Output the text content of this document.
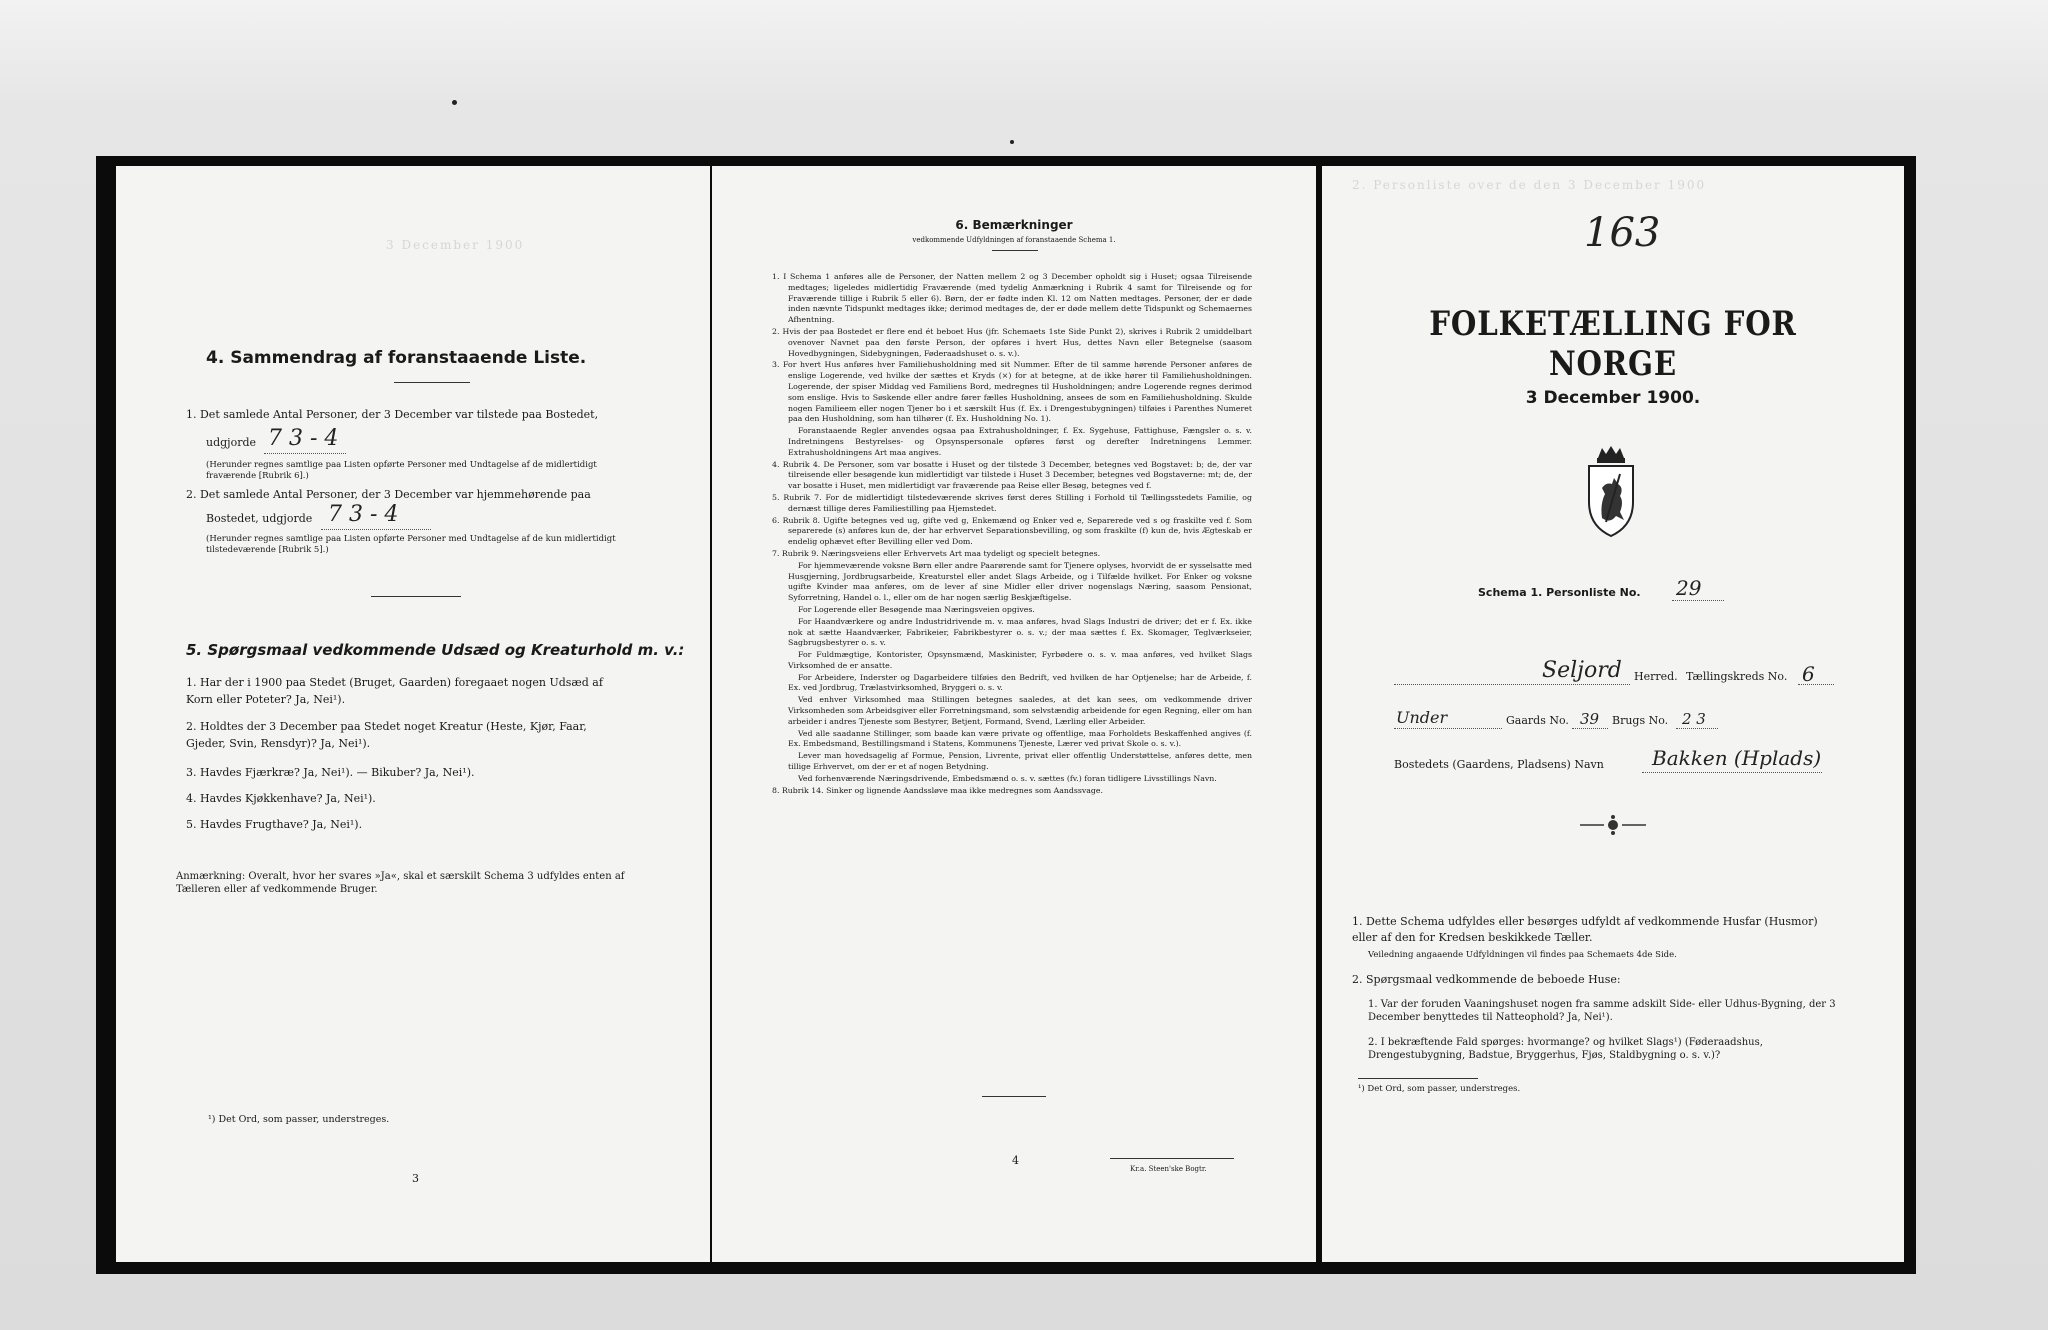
3 December 1900
4. Sammendrag af foranstaaende Liste.
1. Det samlede Antal Personer, der 3 December var tilstede paa Bostedet,
udgjorde 7 3 - 4
(Herunder regnes samtlige paa Listen opførte Personer med Undtagelse af de midlertidigt fraværende [Rubrik 6].)
2. Det samlede Antal Personer, der 3 December var hjemmehørende paa
Bostedet, udgjorde 7 3 - 4
(Herunder regnes samtlige paa Listen opførte Personer med Undtagelse af de kun midlertidigt tilstedeværende [Rubrik 5].)
5. Spørgsmaal vedkommende Udsæd og Kreaturhold m. v.:
1. Har der i 1900 paa Stedet (Bruget, Gaarden) foregaaet nogen Udsæd af Korn eller Poteter? Ja, Nei¹).
2. Holdtes der 3 December paa Stedet noget Kreatur (Heste, Kjør, Faar, Gjeder, Svin, Rensdyr)? Ja, Nei¹).
3. Havdes Fjærkræ? Ja, Nei¹). — Bikuber? Ja, Nei¹).
4. Havdes Kjøkkenhave? Ja, Nei¹).
5. Havdes Frugthave? Ja, Nei¹).
Anmærkning: Overalt, hvor her svares »Ja«, skal et særskilt Schema 3 udfyldes enten af Tælleren eller af vedkommende Bruger.
¹) Det Ord, som passer, understreges.
3
6. Bemærkninger
vedkommende Udfyldningen af foranstaaende Schema 1.
1. I Schema 1 anføres alle de Personer, der Natten mellem 2 og 3 December opholdt sig i Huset; ogsaa Tilreisende medtages; ligeledes midlertidig Fraværende (med tydelig Anmærkning i Rubrik 4 samt for Tilreisende og for Fraværende tillige i Rubrik 5 eller 6). Børn, der er fødte inden Kl. 12 om Natten medtages. Personer, der er døde inden nævnte Tidspunkt medtages ikke; derimod medtages de, der er døde mellem dette Tidspunkt og Schemaernes Afhentning.
2. Hvis der paa Bostedet er flere end ét beboet Hus (jfr. Schemaets 1ste Side Punkt 2), skrives i Rubrik 2 umiddelbart ovenover Navnet paa den første Person, der opføres i hvert Hus, dettes Navn eller Betegnelse (saasom Hovedbygningen, Sidebygningen, Føderaadshuset o. s. v.).
3. For hvert Hus anføres hver Familiehusholdning med sit Nummer. Efter de til samme hørende Personer anføres de enslige Logerende, ved hvilke der sættes et Kryds (×) for at betegne, at de ikke hører til Familiehusholdningen. Logerende, der spiser Middag ved Familiens Bord, medregnes til Husholdningen; andre Logerende regnes derimod som enslige. Hvis to Søskende eller andre fører fælles Husholdning, ansees de som en Familiehusholdning. Skulde nogen Familieem eller nogen Tjener bo i et særskilt Hus (f. Ex. i Drengestubygningen) tilføies i Parenthes Numeret paa den Husholdning, som han tilhører (f. Ex. Husholdning No. 1).
Foranstaaende Regler anvendes ogsaa paa Extrahusholdninger, f. Ex. Sygehuse, Fattighuse, Fængsler o. s. v. Indretningens Bestyrelses- og Opsynspersonale opføres først og derefter Indretningens Lemmer. Extrahusholdningens Art maa angives.
4. Rubrik 4. De Personer, som var bosatte i Huset og der tilstede 3 December, betegnes ved Bogstavet: b; de, der var tilreisende eller besøgende kun midlertidigt var tilstede i Huset 3 December, betegnes ved Bogstaverne: mt; de, der var bosatte i Huset, men midlertidigt var fraværende paa Reise eller Besøg, betegnes ved f.
5. Rubrik 7. For de midlertidigt tilstedeværende skrives først deres Stilling i Forhold til Tællingsstedets Familie, og dernæst tillige deres Familiestilling paa Hjemstedet.
6. Rubrik 8. Ugifte betegnes ved ug, gifte ved g, Enkemænd og Enker ved e, Separerede ved s og fraskilte ved f. Som separerede (s) anføres kun de, der har erhvervet Separationsbevilling, og som fraskilte (f) kun de, hvis Ægteskab er endelig ophævet efter Bevilling eller ved Dom.
7. Rubrik 9. Næringsveiens eller Erhvervets Art maa tydeligt og specielt betegnes.
For hjemmeværende voksne Børn eller andre Paarørende samt for Tjenere oplyses, hvorvidt de er sysselsatte med Husgjerning, Jordbrugsarbeide, Kreaturstel eller andet Slags Arbeide, og i Tilfælde hvilket. For Enker og voksne ugifte Kvinder maa anføres, om de lever af sine Midler eller driver nogenslags Næring, saasom Pensionat, Syforretning, Handel o. l., eller om de har nogen særlig Beskjæftigelse.
For Logerende eller Besøgende maa Næringsveien opgives.
For Haandværkere og andre Industridrivende m. v. maa anføres, hvad Slags Industri de driver; det er f. Ex. ikke nok at sætte Haandværker, Fabrikeier, Fabrikbestyrer o. s. v.; der maa sættes f. Ex. Skomager, Teglværkseier, Sagbrugsbestyrer o. s. v.
For Fuldmægtige, Kontorister, Opsynsmænd, Maskinister, Fyrbødere o. s. v. maa anføres, ved hvilket Slags Virksomhed de er ansatte.
For Arbeidere, Inderster og Dagarbeidere tilføies den Bedrift, ved hvilken de har Optjenelse; har de Arbeide, f. Ex. ved Jordbrug, Trælastvirksomhed, Bryggeri o. s. v.
Ved enhver Virksomhed maa Stillingen betegnes saaledes, at det kan sees, om vedkommende driver Virksomheden som Arbeidsgiver eller Forretningsmand, som selvstændig arbeidende for egen Regning, eller om han arbeider i andres Tjeneste som Bestyrer, Betjent, Formand, Svend, Lærling eller Arbeider.
Ved alle saadanne Stillinger, som baade kan være private og offentlige, maa Forholdets Beskaffenhed angives (f. Ex. Embedsmand, Bestillingsmand i Statens, Kommunens Tjeneste, Lærer ved privat Skole o. s. v.).
Lever man hovedsagelig af Formue, Pension, Livrente, privat eller offentlig Understøttelse, anføres dette, men tillige Erhvervet, om der er et af nogen Betydning.
Ved forhenværende Næringsdrivende, Embedsmænd o. s. v. sættes (fv.) foran tidligere Livsstillings Navn.
8. Rubrik 14. Sinker og lignende Aandssløve maa ikke medregnes som Aandssvage.
4
Kr.a. Steen'ske Bogtr.
2. Personliste over de den 3 December 1900
163
FOLKETÆLLING FOR NORGE
3 December 1900.
Schema 1. Personliste No. 29
Seljord Herred. Tællingskreds No. 6
Under	Gaards No. 39 Brugs No. 2 3
Bostedets (Gaardens, Pladsens) Navn Bakken (Hplads)
1. Dette Schema udfyldes eller besørges udfyldt af vedkommende Husfar (Husmor) eller af den for Kredsen beskikkede Tæller.
Veiledning angaaende Udfyldningen vil findes paa Schemaets 4de Side.
2. Spørgsmaal vedkommende de beboede Huse:
1. Var der foruden Vaaningshuset nogen fra samme adskilt Side- eller Udhus-Bygning, der 3 December benyttedes til Natteophold? Ja, Nei¹).
2. I bekræftende Fald spørges: hvormange? og hvilket Slags¹) (Føderaadshus, Drengestubygning, Badstue, Bryggerhus, Fjøs, Staldbygning o. s. v.)?
¹) Det Ord, som passer, understreges.
